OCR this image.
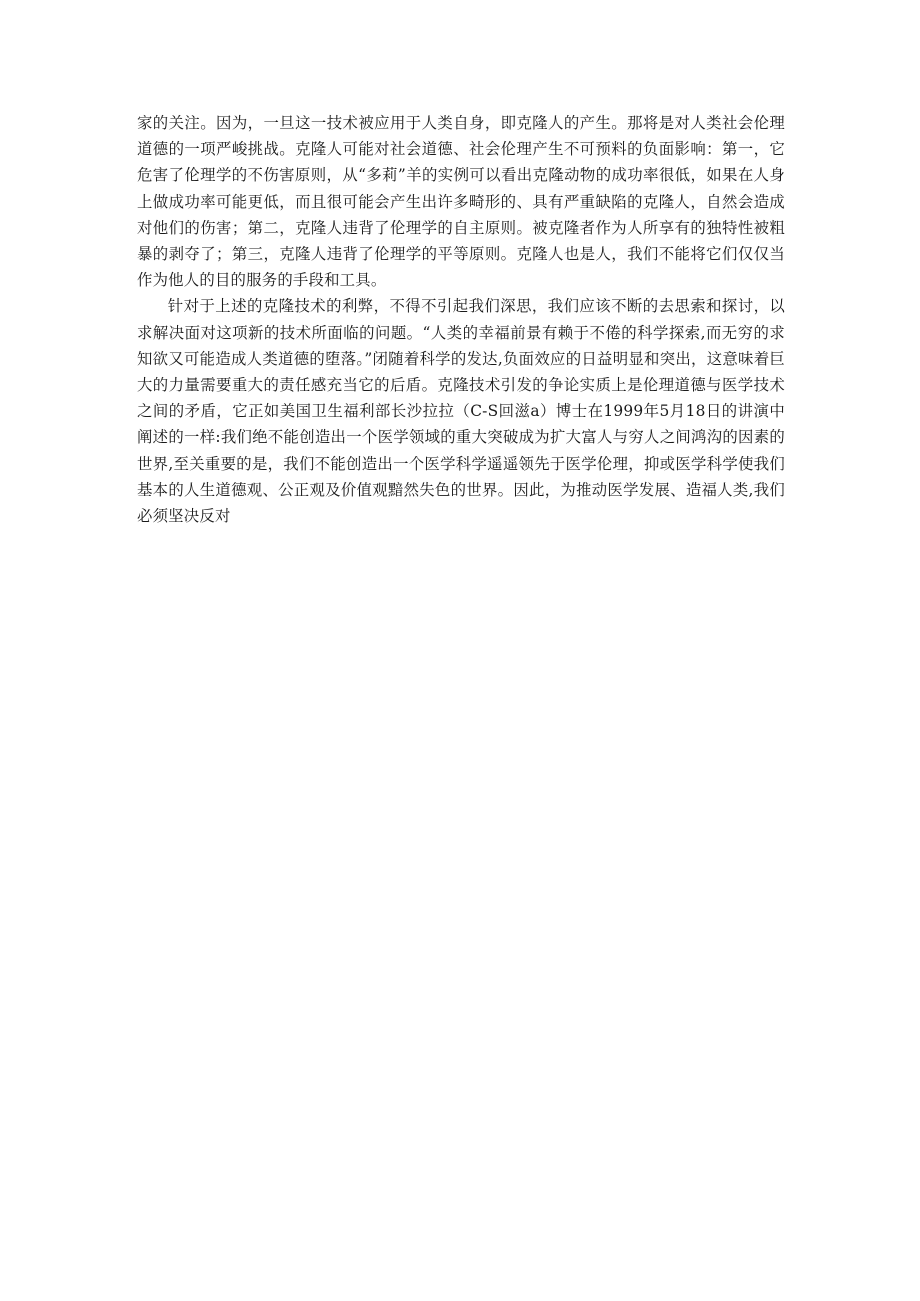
家的关注。因为，一旦这一技术被应用于人类自身，即克隆人的产生。那将是对人类社会伦理道德的一项严峻挑战。克隆人可能对社会道德、社会伦理产生不可预料的负面影响：第一，它危害了伦理学的不伤害原则，从“多莉”羊的实例可以看出克隆动物的成功率很低，如果在人身上做成功率可能更低，而且很可能会产生出许多畸形的、具有严重缺陷的克隆人，自然会造成对他们的伤害；第二，克隆人违背了伦理学的自主原则。被克隆者作为人所享有的独特性被粗暴的剥夺了；第三，克隆人违背了伦理学的平等原则。克隆人也是人，我们不能将它们仅仅当作为他人的目的服务的手段和工具。

针对于上述的克隆技术的利弊，不得不引起我们深思，我们应该不断的去思索和探讨，以求解决面对这项新的技术所面临的问题。“人类的幸福前景有赖于不倦的科学探索,而无穷的求知欲又可能造成人类道德的堕落。”闭随着科学的发达,负面效应的日益明显和突出，这意味着巨大的力量需要重大的责任感充当它的后盾。克隆技术引发的争论实质上是伦理道德与医学技术之间的矛盾，它正如美国卫生福利部长沙拉拉（C-S回滋a）博士在1999年5月18日的讲演中阐述的一样:我们绝不能创造出一个医学领域的重大突破成为扩大富人与穷人之间鸿沟的因素的世界,至关重要的是，我们不能创造出一个医学科学遥遥领先于医学伦理，抑或医学科学使我们基本的人生道德观、公正观及价值观黯然失色的世界。因此，为推动医学发展、造福人类,我们必须坚决反对
